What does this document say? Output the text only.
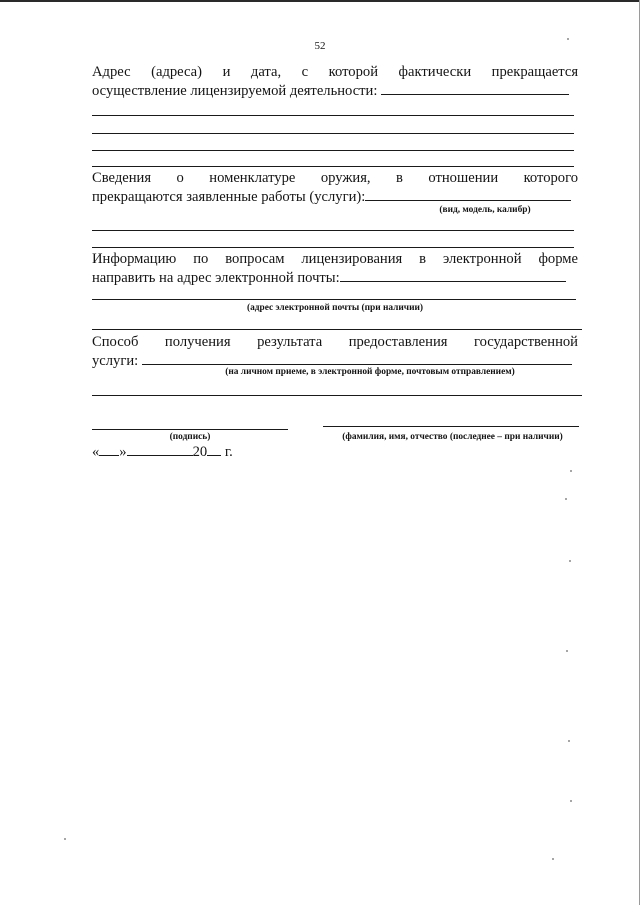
52
Адрес (адреса) и дата, с которой фактически прекращается
осуществление лицензируемой деятельности:
Сведения о номенклатуре оружия, в отношении которого
прекращаются заявленные работы (услуги):
(вид, модель, калибр)
Информацию по вопросам лицензирования в электронной форме
направить на адрес электронной почты:
(адрес электронной почты (при наличии)
Способ получения результата предоставления государственной
услуги:
(на личном приеме, в электронной форме, почтовым отправлением)
(подпись)	(фамилия, имя, отчество (последнее – при наличии)
« »	20 г.
